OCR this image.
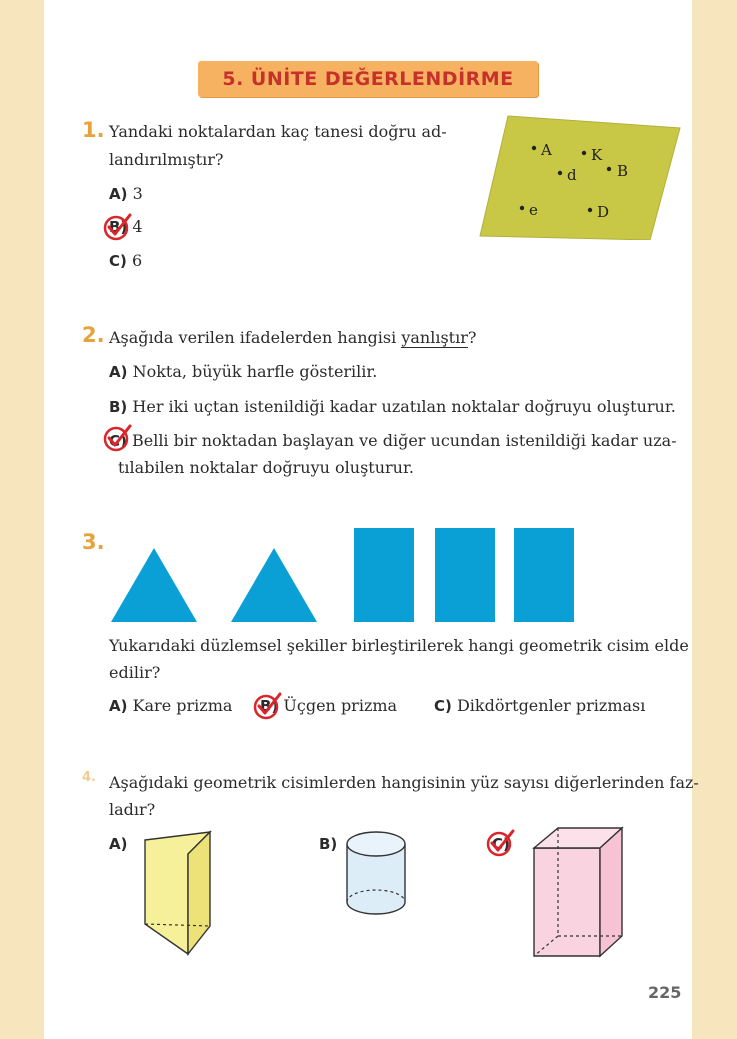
5. ÜNİTE DEĞERLENDİRME
1. Yandaki noktalardan kaç tanesi doğru ad-
landırılmıştır?
A) 3
B) 4
C) 6
A	K
d	B
e	D
2. Aşağıda verilen ifadelerden hangisi yanlıştır?
A) Nokta, büyük harfle gösterilir.
B) Her iki uçtan istenildiği kadar uzatılan noktalar doğruyu oluşturur.
C) Belli bir noktadan başlayan ve diğer ucundan istenildiği kadar uza-
tılabilen noktalar doğruyu oluşturur.
3.
Yukarıdaki düzlemsel şekiller birleştirilerek hangi geometrik cisim elde
edilir?
A) Kare prizma B) Üçgen prizma C) Dikdörtgenler prizması
4. Aşağıdaki geometrik cisimlerden hangisinin yüz sayısı diğerlerinden faz-
ladır?
A)	B)	C)
225
